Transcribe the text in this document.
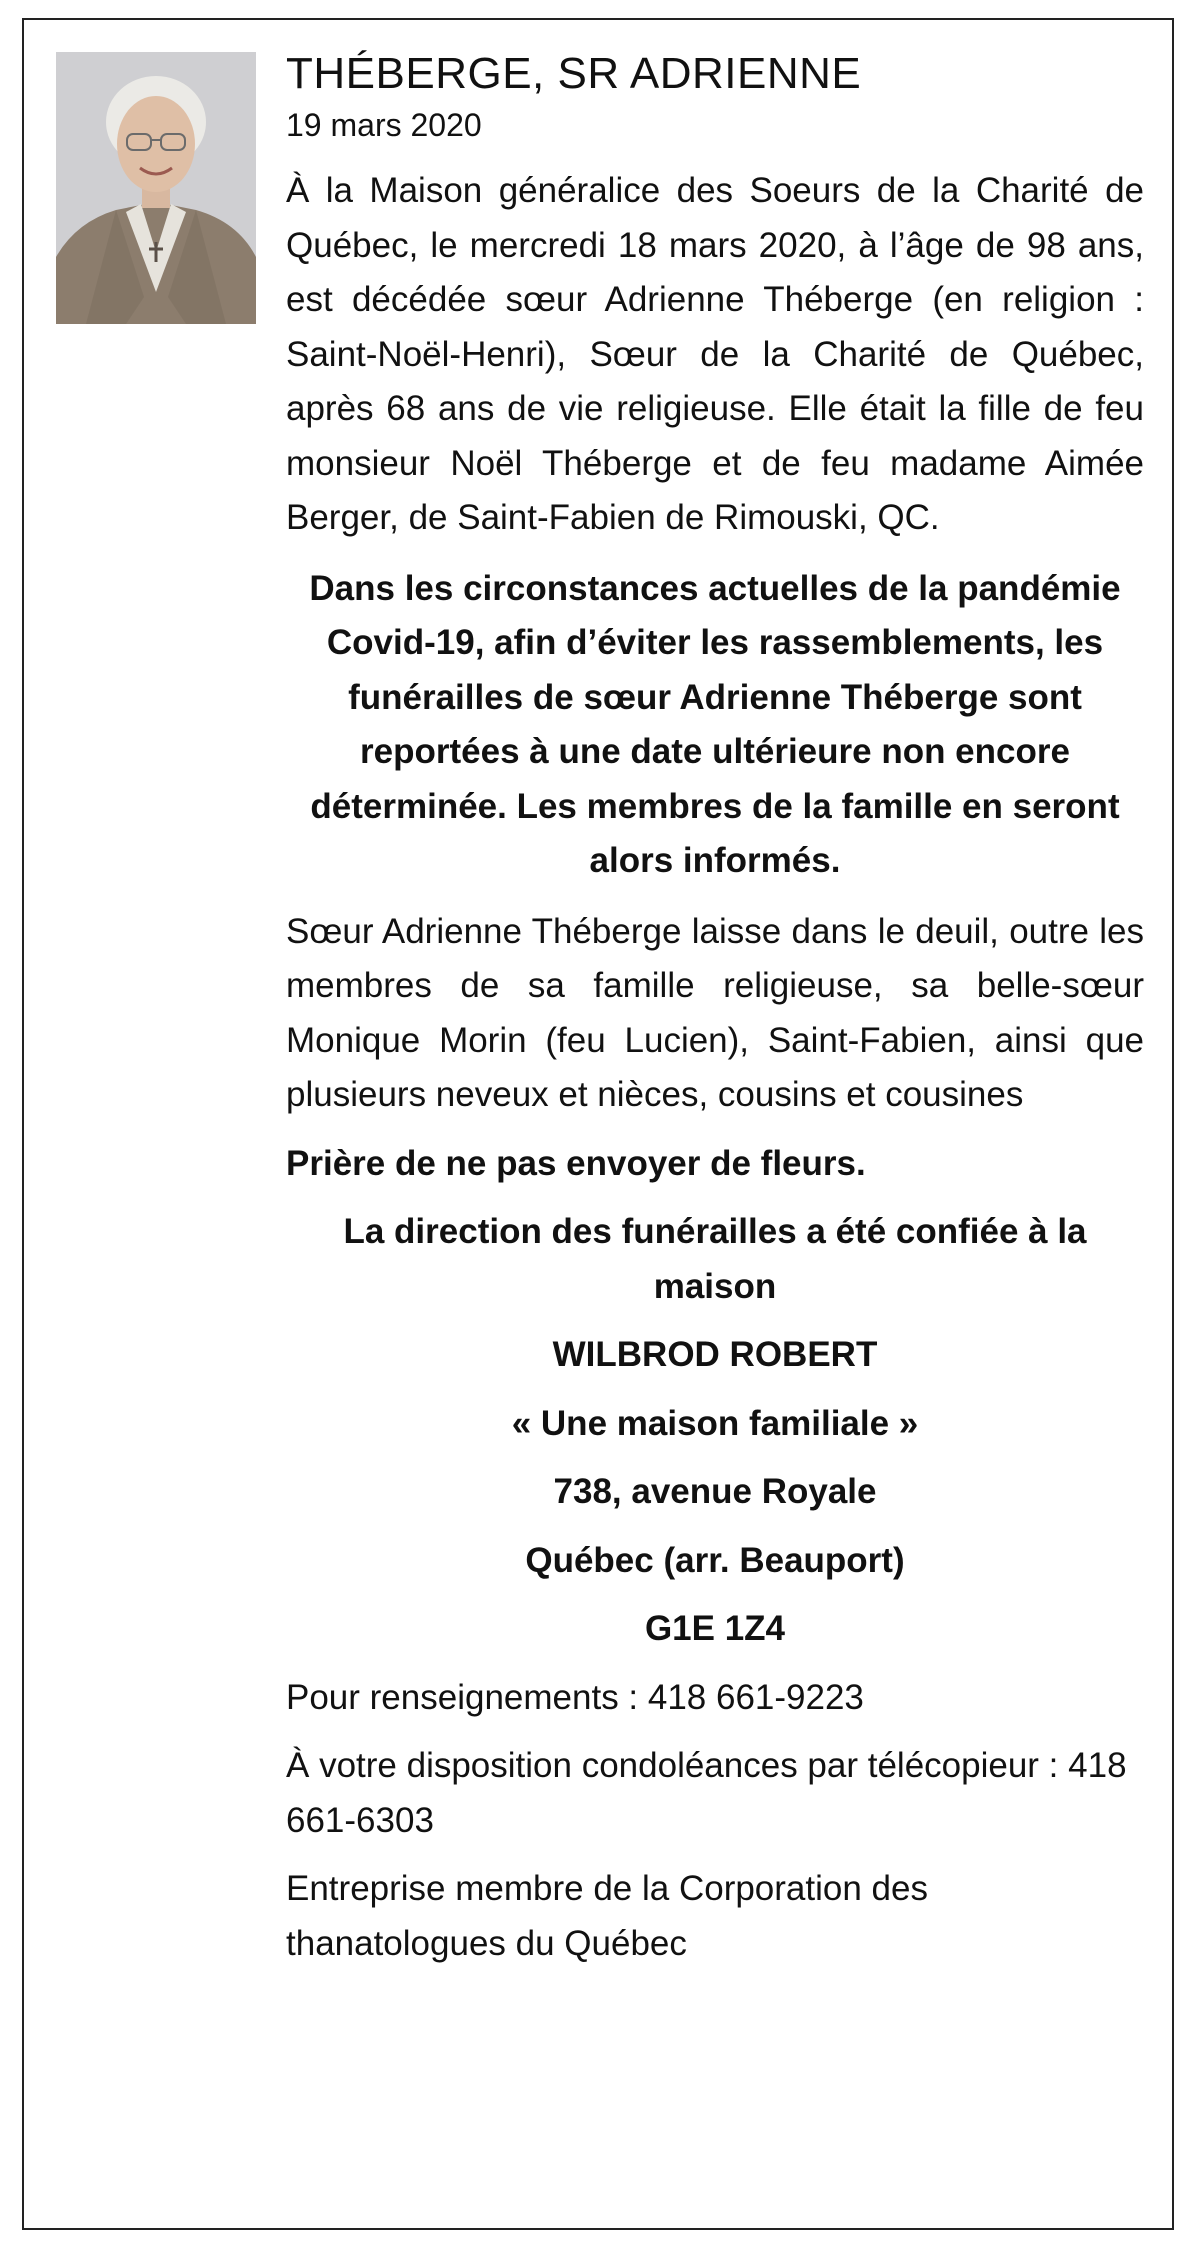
THÉBERGE, SR ADRIENNE
19 mars 2020

À la Maison généralice des Soeurs de la Charité de Québec, le mercredi 18 mars 2020, à l’âge de 98 ans, est décédée sœur Adrienne Théberge (en religion : Saint-Noël-Henri), Sœur de la Charité de Québec, après 68 ans de vie religieuse. Elle était la fille de feu monsieur Noël Théberge et de feu madame Aimée Berger, de Saint-Fabien de Rimouski, QC.

Dans les circonstances actuelles de la pandémie Covid-19, afin d’éviter les rassemblements, les funérailles de sœur Adrienne Théberge sont reportées à une date ultérieure non encore déterminée. Les membres de la famille en seront alors informés.

Sœur Adrienne Théberge laisse dans le deuil, outre les membres de sa famille religieuse, sa belle-sœur Monique Morin (feu Lucien), Saint-Fabien, ainsi que plusieurs neveux et nièces, cousins et cousines

Prière de ne pas envoyer de fleurs.

La direction des funérailles a été confiée à la maison

WILBROD ROBERT

« Une maison familiale »

738, avenue Royale

Québec (arr. Beauport)

G1E 1Z4

Pour renseignements : 418 661-9223

À votre disposition condoléances par télécopieur : 418 661-6303

Entreprise membre de la Corporation des thanatologues du Québec
